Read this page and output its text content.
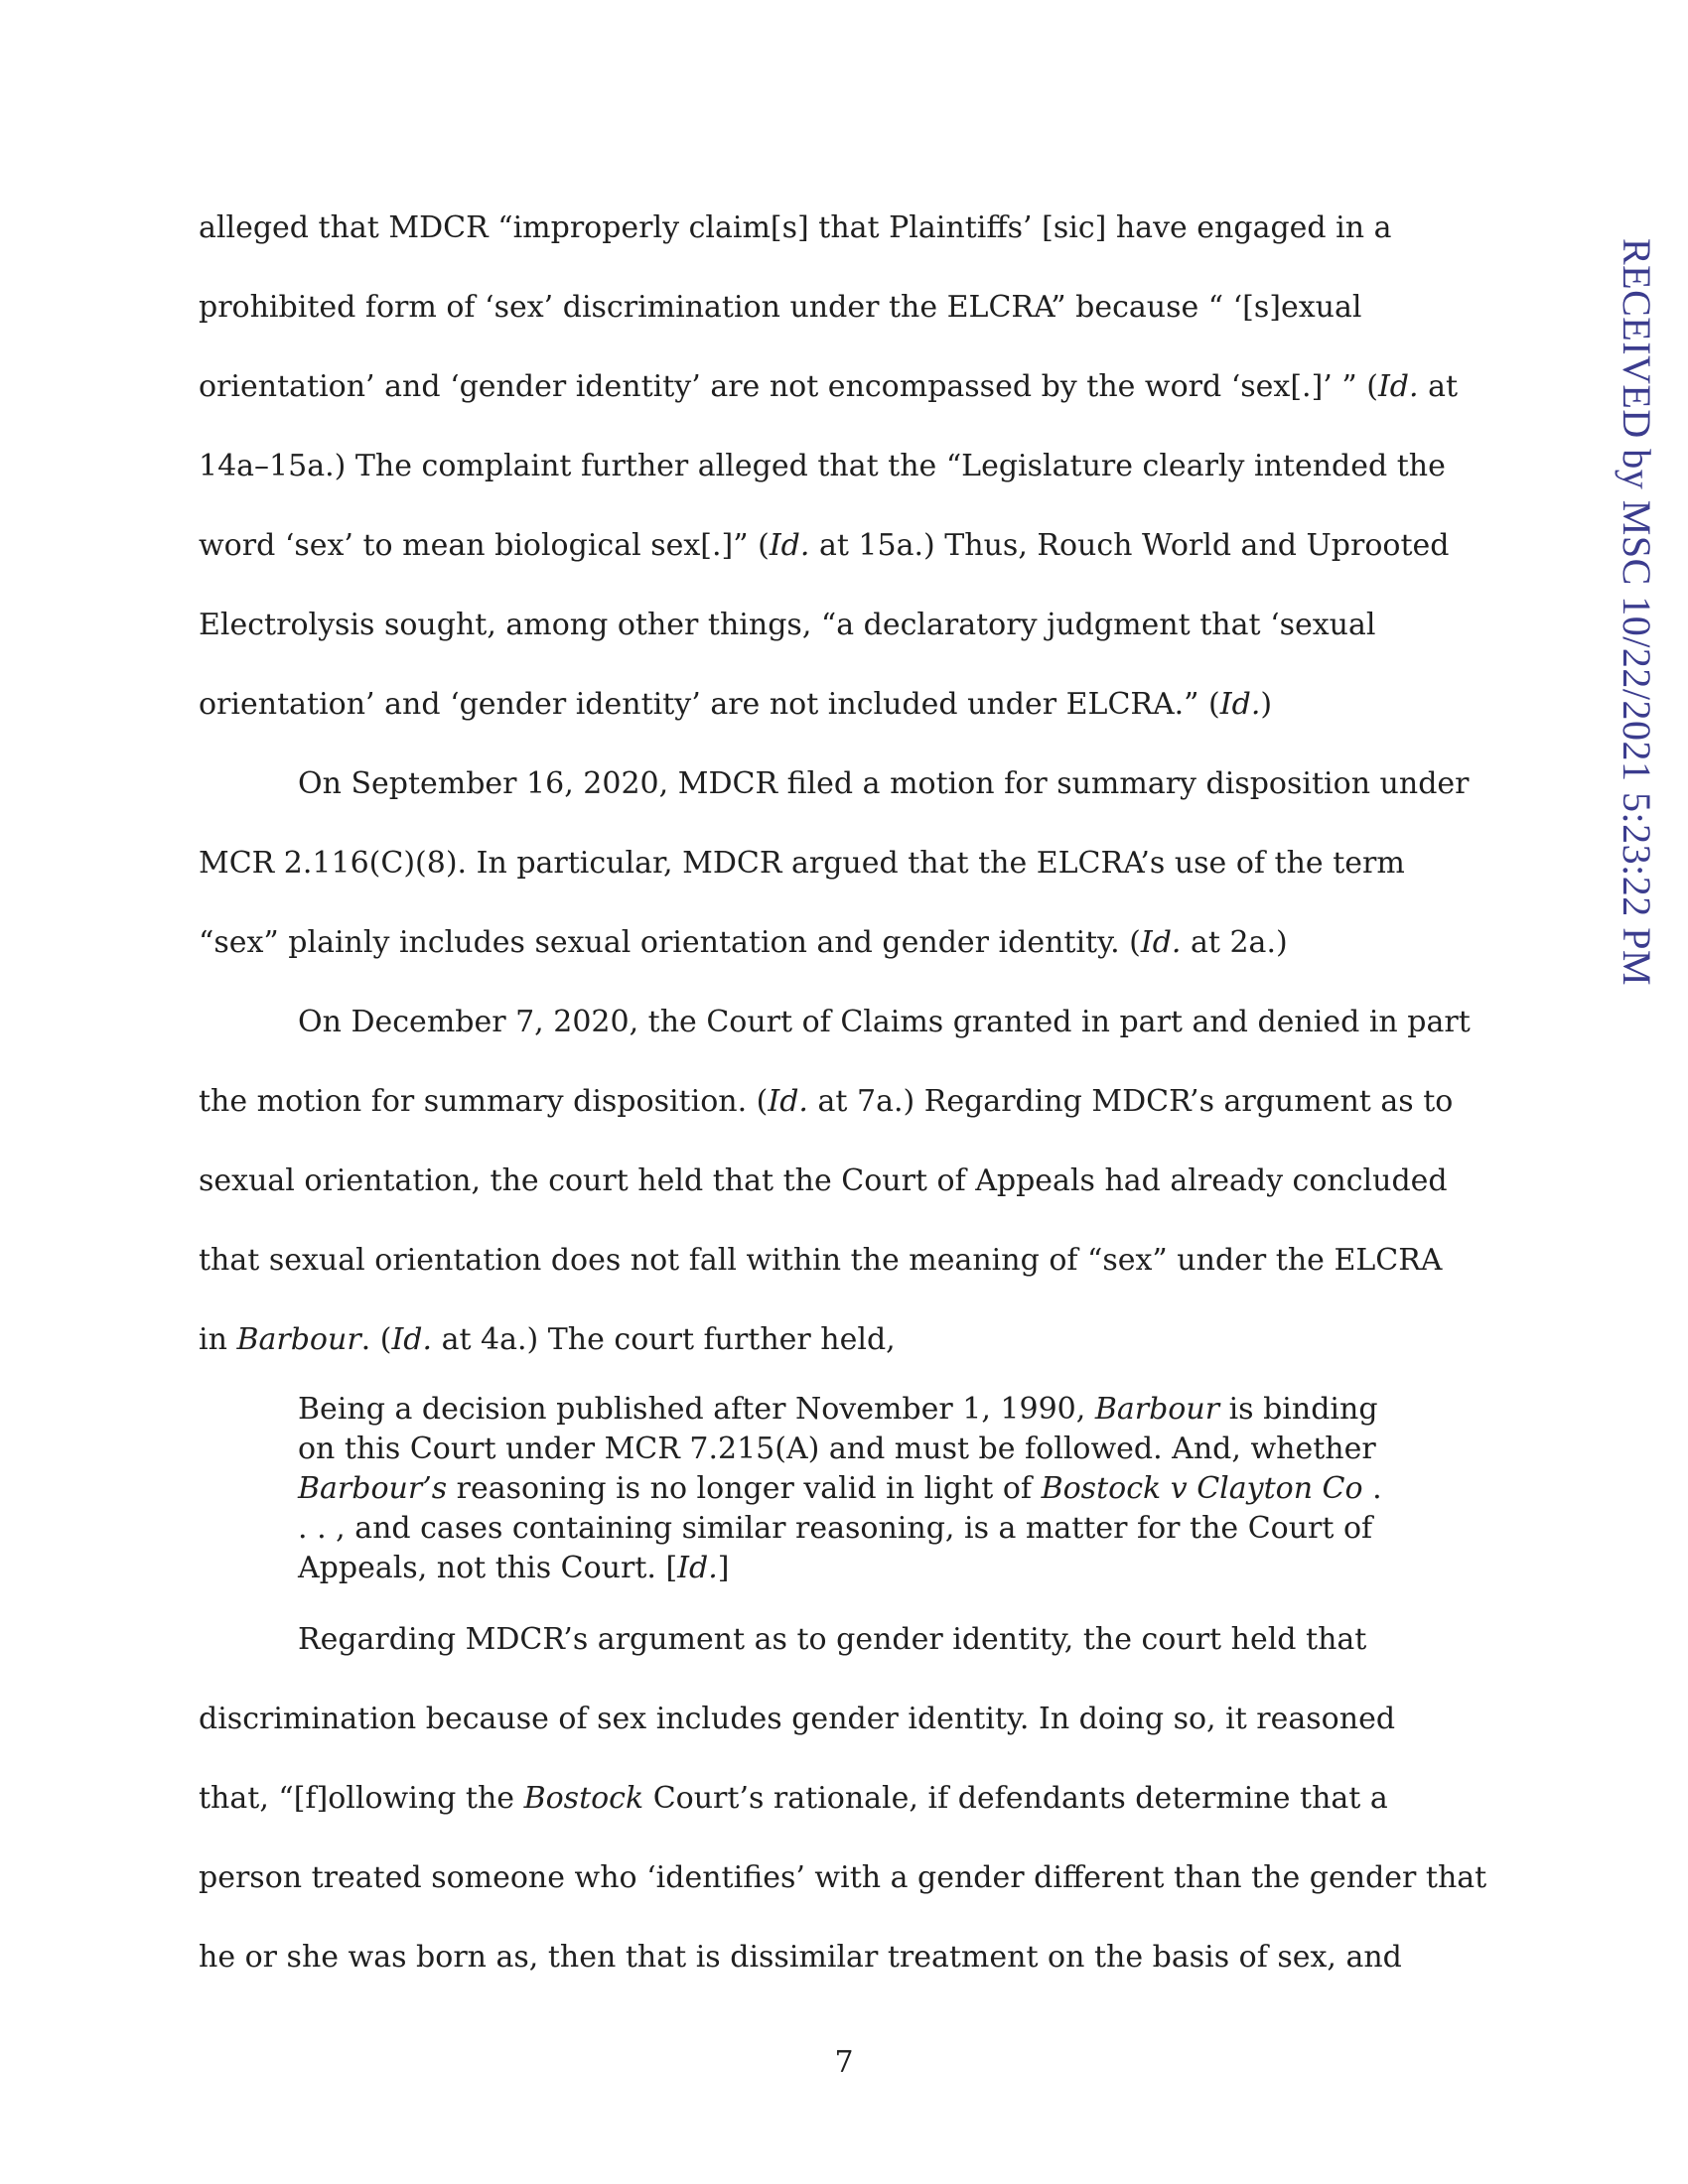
RECEIVED by MSC 10/22/2021 5:23:22 PM

alleged that MDCR “improperly claim[s] that Plaintiffs’ [sic] have engaged in a
prohibited form of ‘sex’ discrimination under the ELCRA” because “ ‘[s]exual
orientation’ and ‘gender identity’ are not encompassed by the word ‘sex[.]’ ” (Id. at
14a–15a.) The complaint further alleged that the “Legislature clearly intended the
word ‘sex’ to mean biological sex[.]” (Id. at 15a.) Thus, Rouch World and Uprooted
Electrolysis sought, among other things, “a declaratory judgment that ‘sexual
orientation’ and ‘gender identity’ are not included under ELCRA.” (Id.)

On September 16, 2020, MDCR filed a motion for summary disposition under
MCR 2.116(C)(8). In particular, MDCR argued that the ELCRA’s use of the term
“sex” plainly includes sexual orientation and gender identity. (Id. at 2a.)

On December 7, 2020, the Court of Claims granted in part and denied in part
the motion for summary disposition. (Id. at 7a.) Regarding MDCR’s argument as to
sexual orientation, the court held that the Court of Appeals had already concluded
that sexual orientation does not fall within the meaning of “sex” under the ELCRA
in Barbour. (Id. at 4a.) The court further held,

Being a decision published after November 1, 1990, Barbour is binding
on this Court under MCR 7.215(A) and must be followed. And, whether
Barbour’s reasoning is no longer valid in light of Bostock v Clayton Co .
. . , and cases containing similar reasoning, is a matter for the Court of
Appeals, not this Court. [Id.]

Regarding MDCR’s argument as to gender identity, the court held that
discrimination because of sex includes gender identity. In doing so, it reasoned
that, “[f]ollowing the Bostock Court’s rationale, if defendants determine that a
person treated someone who ‘identifies’ with a gender different than the gender that
he or she was born as, then that is dissimilar treatment on the basis of sex, and

7
